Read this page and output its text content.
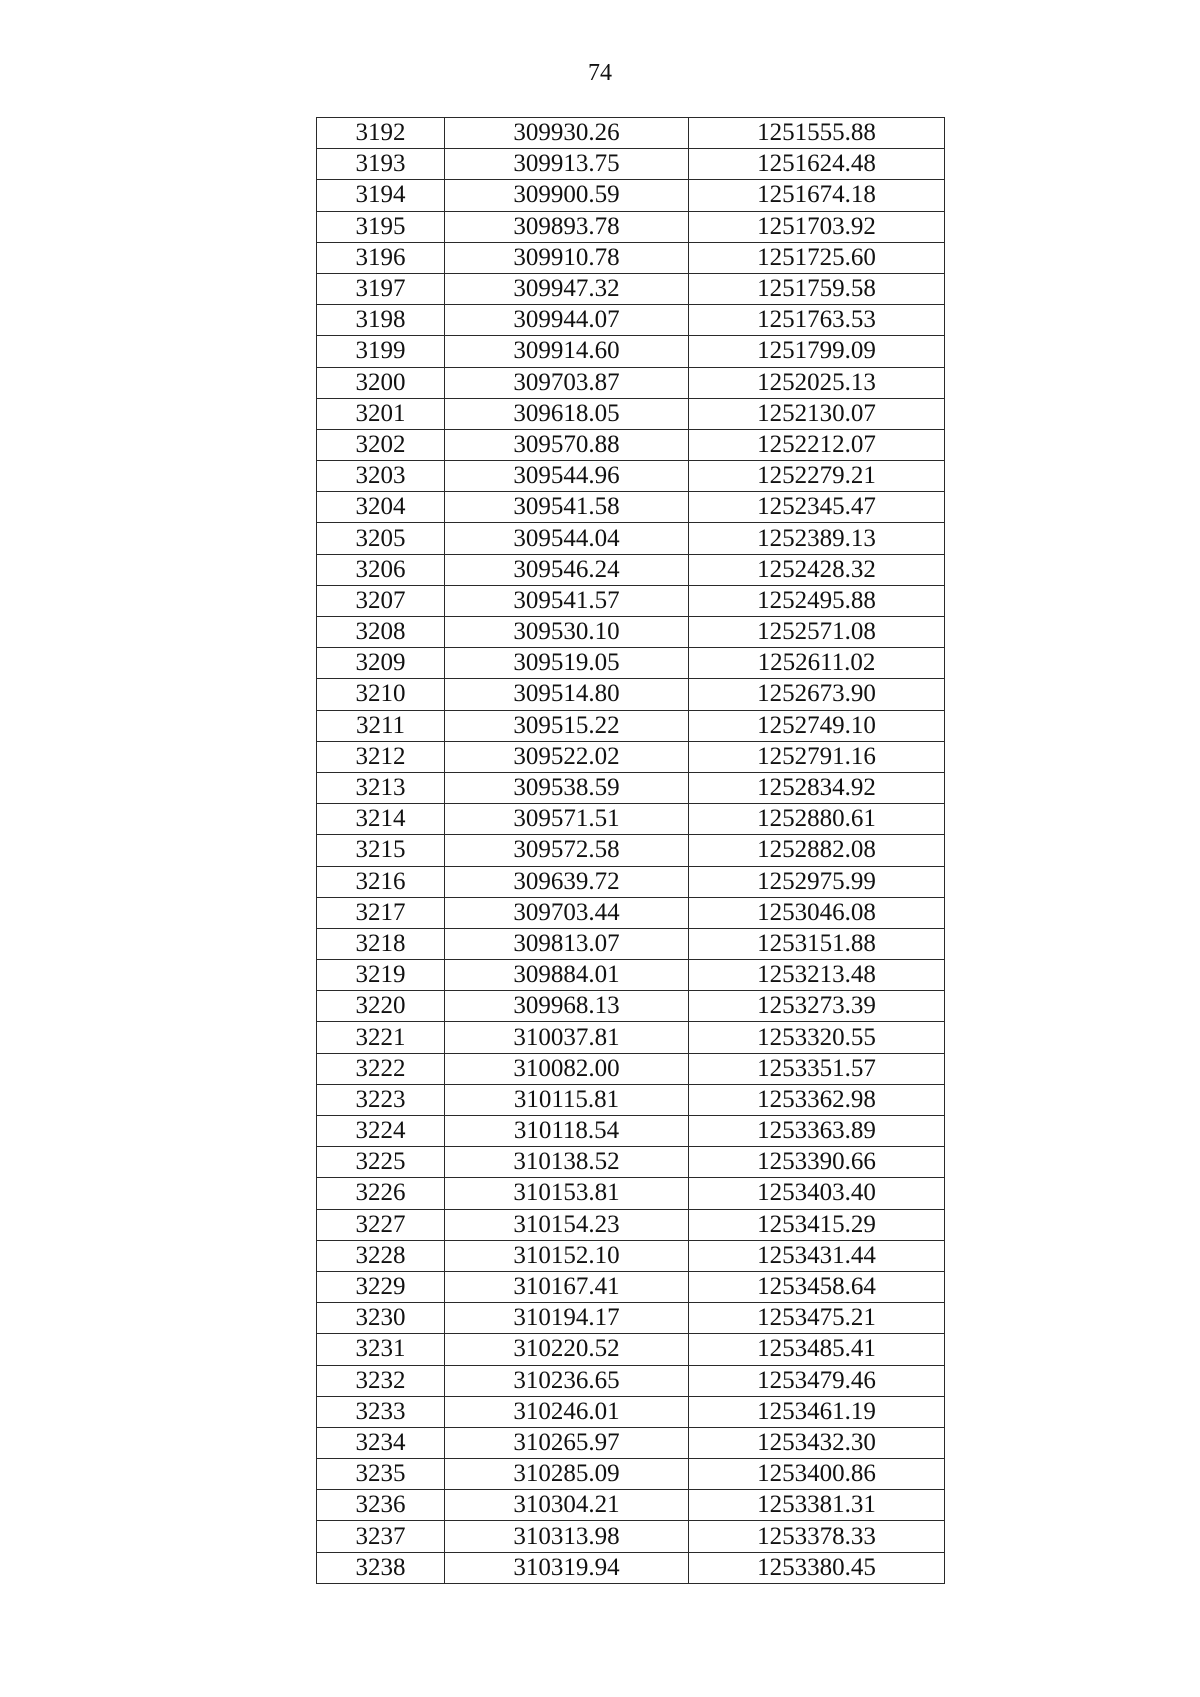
74
3192	309930.26	1251555.88
3193	309913.75	1251624.48
3194	309900.59	1251674.18
3195	309893.78	1251703.92
3196	309910.78	1251725.60
3197	309947.32	1251759.58
3198	309944.07	1251763.53
3199	309914.60	1251799.09
3200	309703.87	1252025.13
3201	309618.05	1252130.07
3202	309570.88	1252212.07
3203	309544.96	1252279.21
3204	309541.58	1252345.47
3205	309544.04	1252389.13
3206	309546.24	1252428.32
3207	309541.57	1252495.88
3208	309530.10	1252571.08
3209	309519.05	1252611.02
3210	309514.80	1252673.90
3211	309515.22	1252749.10
3212	309522.02	1252791.16
3213	309538.59	1252834.92
3214	309571.51	1252880.61
3215	309572.58	1252882.08
3216	309639.72	1252975.99
3217	309703.44	1253046.08
3218	309813.07	1253151.88
3219	309884.01	1253213.48
3220	309968.13	1253273.39
3221	310037.81	1253320.55
3222	310082.00	1253351.57
3223	310115.81	1253362.98
3224	310118.54	1253363.89
3225	310138.52	1253390.66
3226	310153.81	1253403.40
3227	310154.23	1253415.29
3228	310152.10	1253431.44
3229	310167.41	1253458.64
3230	310194.17	1253475.21
3231	310220.52	1253485.41
3232	310236.65	1253479.46
3233	310246.01	1253461.19
3234	310265.97	1253432.30
3235	310285.09	1253400.86
3236	310304.21	1253381.31
3237	310313.98	1253378.33
3238	310319.94	1253380.45
